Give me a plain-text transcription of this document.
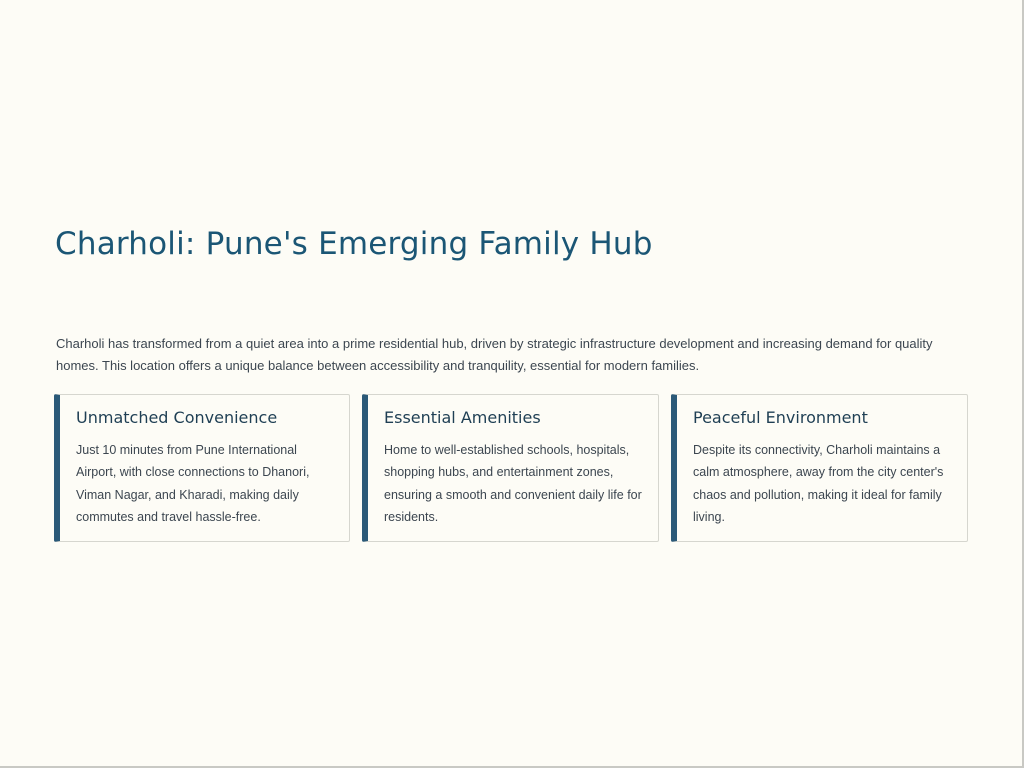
Charholi: Pune's Emerging Family Hub

Charholi has transformed from a quiet area into a prime residential hub, driven by strategic infrastructure development and increasing demand for quality homes. This location offers a unique balance between accessibility and tranquility, essential for modern families.

Unmatched Convenience

Just 10 minutes from Pune International Airport, with close connections to Dhanori, Viman Nagar, and Kharadi, making daily commutes and travel hassle-free.

Essential Amenities

Home to well-established schools, hospitals, shopping hubs, and entertainment zones, ensuring a smooth and convenient daily life for residents.

Peaceful Environment

Despite its connectivity, Charholi maintains a calm atmosphere, away from the city center's chaos and pollution, making it ideal for family living.
